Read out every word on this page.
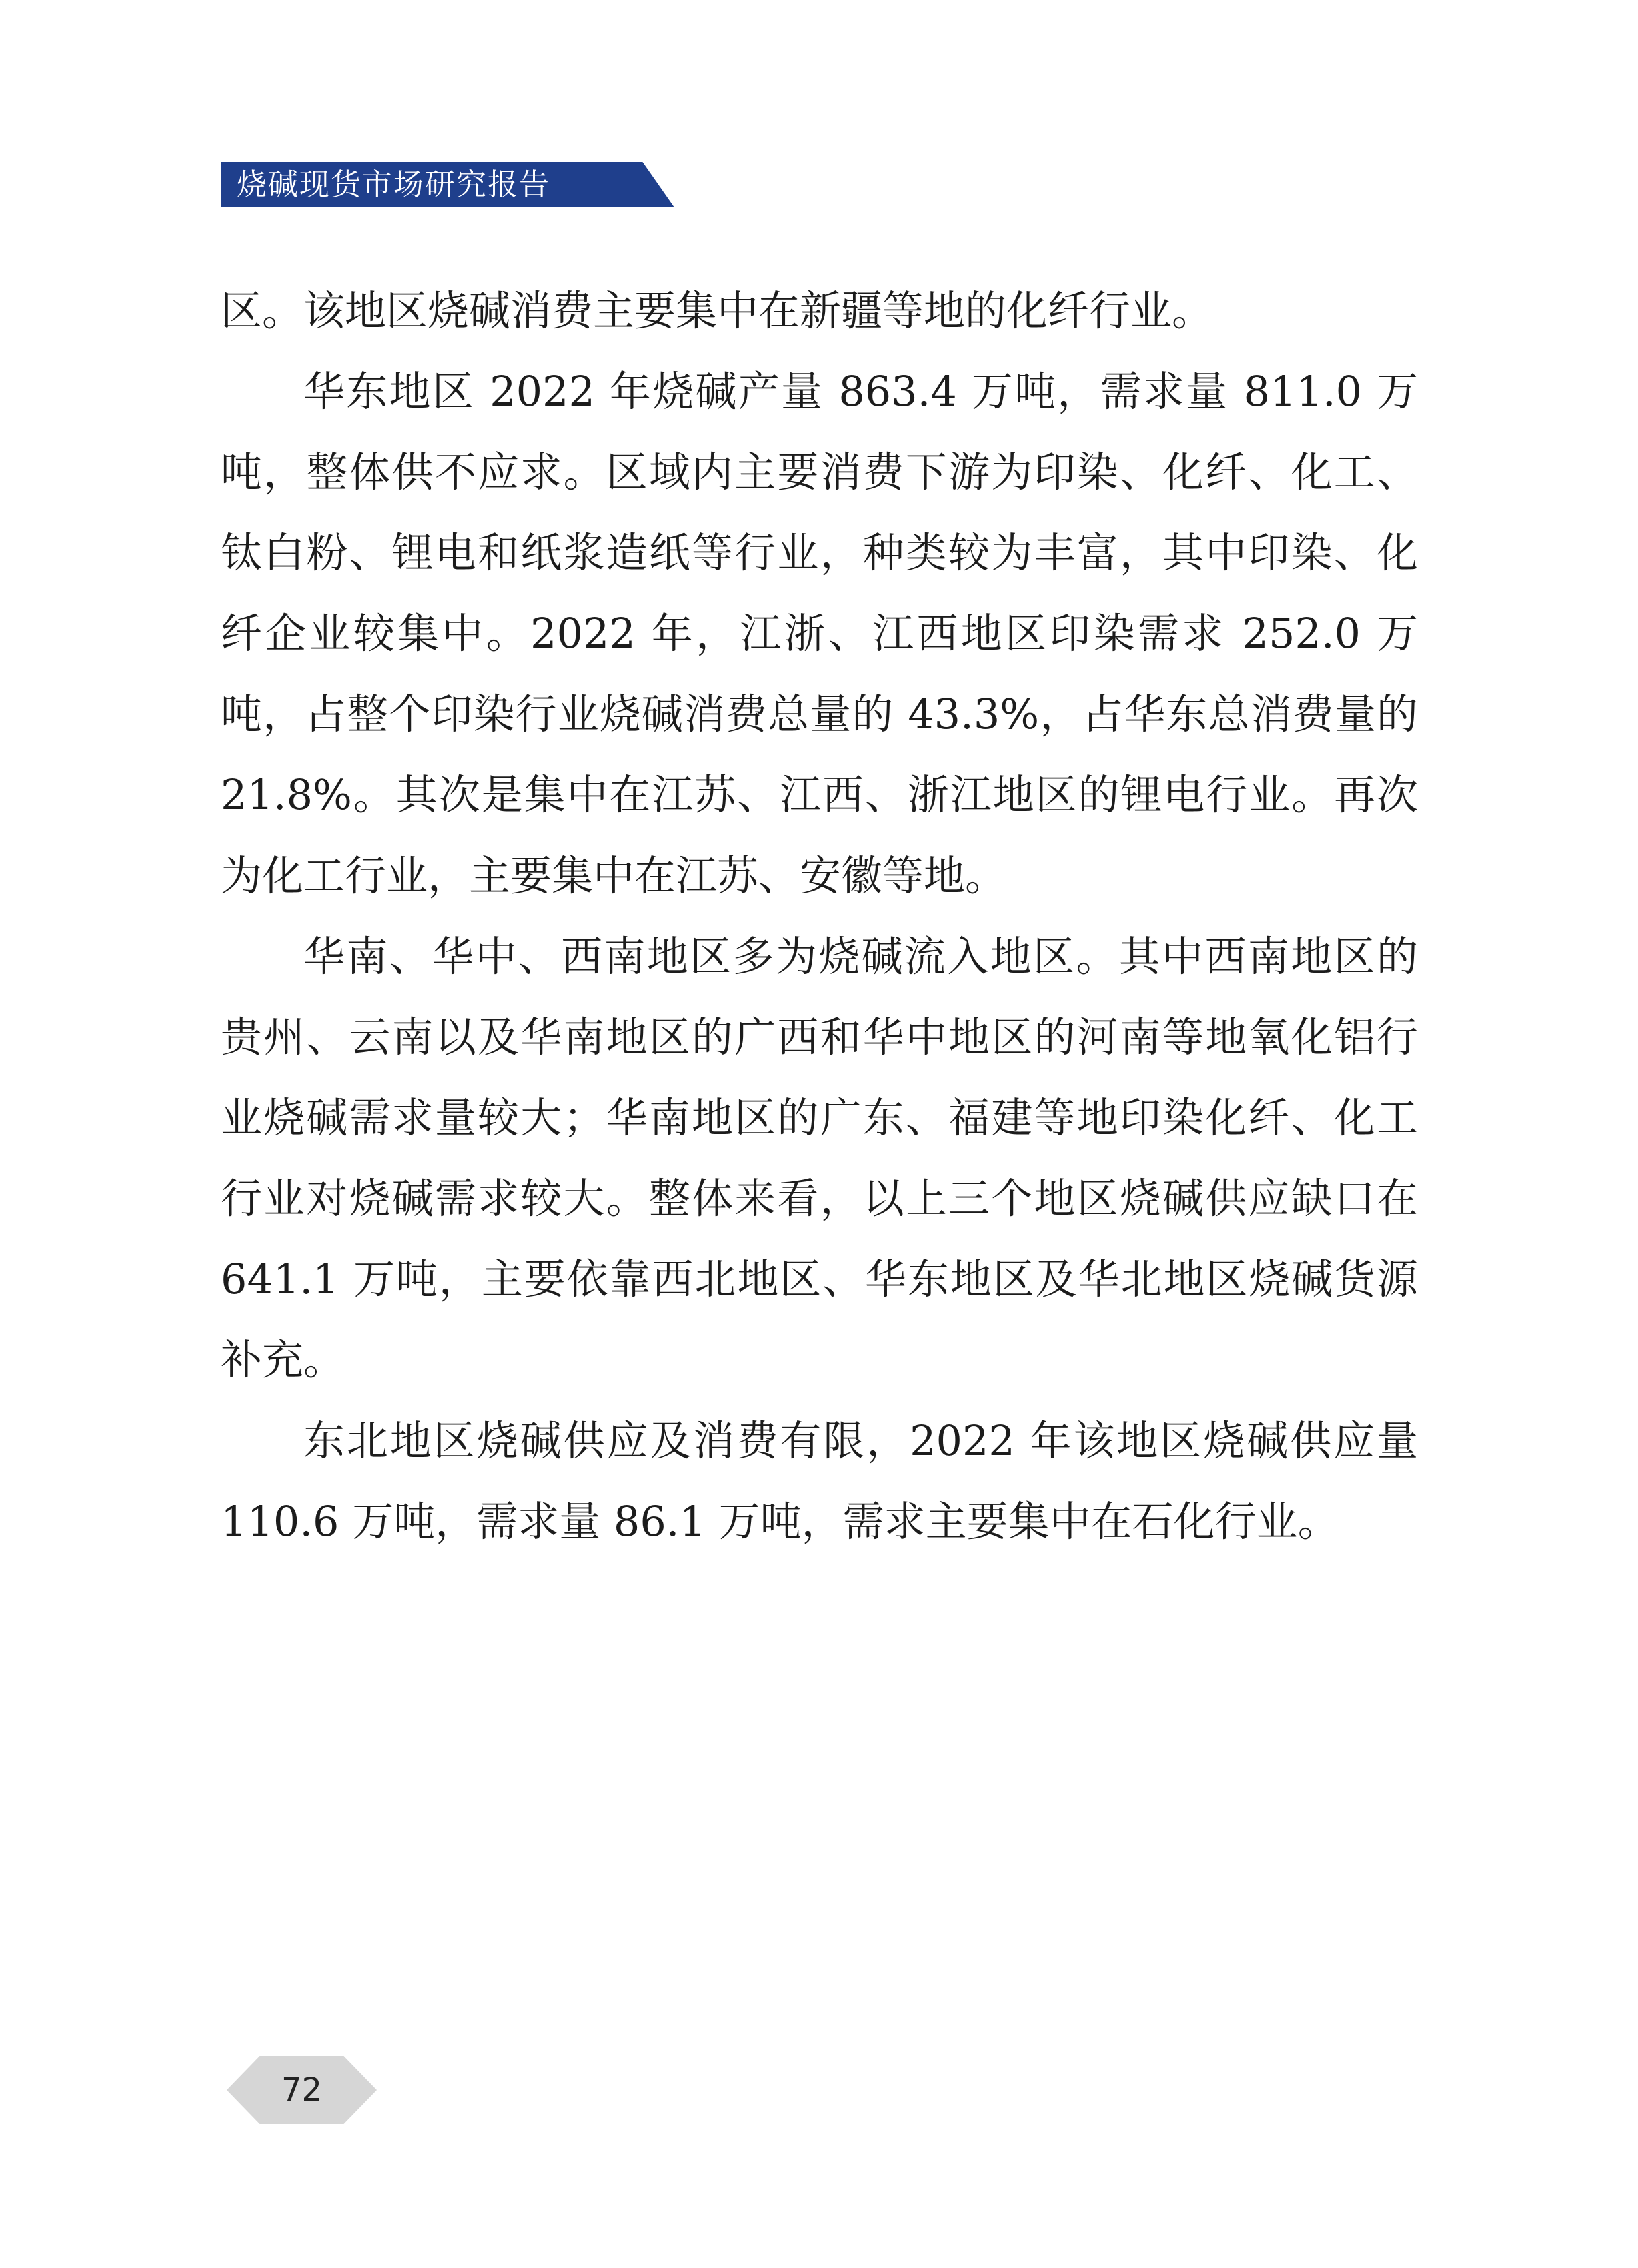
烧碱现货市场研究报告

区。该地区烧碱消费主要集中在新疆等地的化纤行业。

华东地区 2022 年烧碱产量 863.4 万吨，需求量 811.0 万吨，整体供不应求。区域内主要消费下游为印染、化纤、化工、钛白粉、锂电和纸浆造纸等行业，种类较为丰富，其中印染、化纤企业较集中。2022 年，江浙、江西地区印染需求 252.0 万吨，占整个印染行业烧碱消费总量的 43.3%，占华东总消费量的 21.8%。其次是集中在江苏、江西、浙江地区的锂电行业。再次为化工行业，主要集中在江苏、安徽等地。

华南、华中、西南地区多为烧碱流入地区。其中西南地区的贵州、云南以及华南地区的广西和华中地区的河南等地氧化铝行业烧碱需求量较大；华南地区的广东、福建等地印染化纤、化工行业对烧碱需求较大。整体来看，以上三个地区烧碱供应缺口在 641.1 万吨，主要依靠西北地区、华东地区及华北地区烧碱货源补充。

东北地区烧碱供应及消费有限，2022 年该地区烧碱供应量 110.6 万吨，需求量 86.1 万吨，需求主要集中在石化行业。

72
